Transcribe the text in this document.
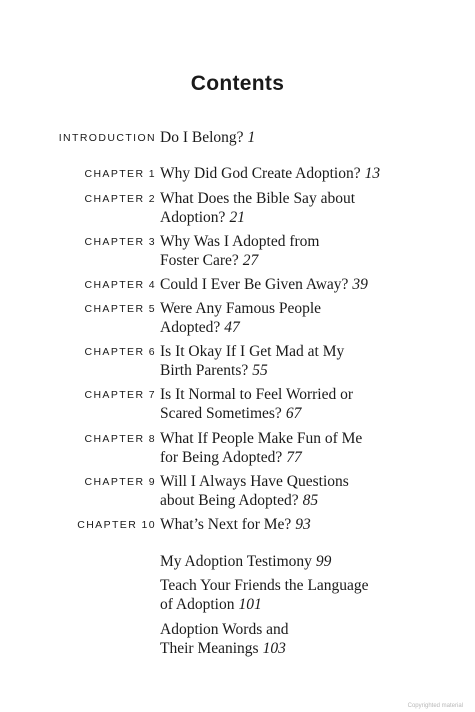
Contents
INTRODUCTION Do I Belong? 1
CHAPTER 1 Why Did God Create Adoption? 13
CHAPTER 2 What Does the Bible Say about
Adoption? 21
CHAPTER 3 Why Was I Adopted from
Foster Care? 27
CHAPTER 4 Could I Ever Be Given Away? 39
CHAPTER 5 Were Any Famous People
Adopted? 47
CHAPTER 6 Is It Okay If I Get Mad at My
Birth Parents? 55
CHAPTER 7 Is It Normal to Feel Worried or
Scared Sometimes? 67
CHAPTER 8 What If People Make Fun of Me
for Being Adopted? 77
CHAPTER 9 Will I Always Have Questions
about Being Adopted? 85
CHAPTER 10 What’s Next for Me? 93
My Adoption Testimony 99
Teach Your Friends the Language
of Adoption 101
Adoption Words and
Their Meanings 103
Copyrighted material
